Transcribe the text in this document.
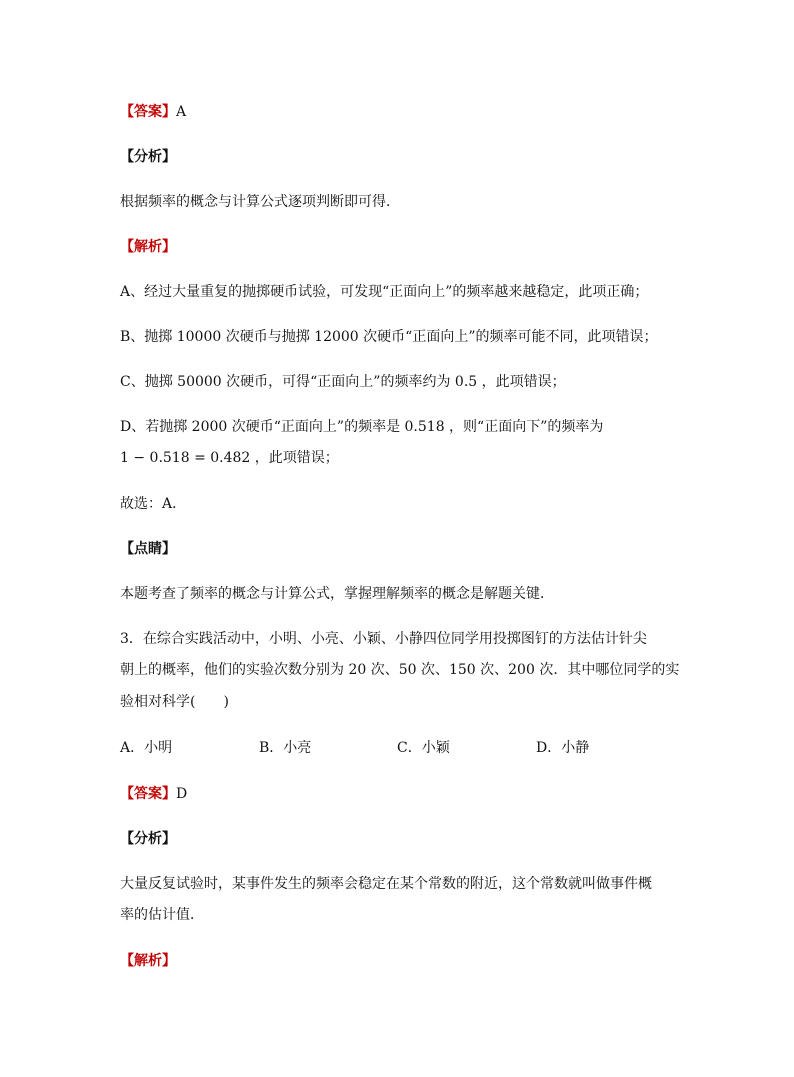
【答案】A
【分析】
根据频率的概念与计算公式逐项判断即可得．
【解析】
A、经过大量重复的抛掷硬币试验，可发现“正面向上”的频率越来越稳定，此项正确；
B、抛掷 10000 次硬币与抛掷 12000 次硬币“正面向上”的频率可能不同，此项错误；
C、抛掷 50000 次硬币，可得“正面向上”的频率约为 0.5 ，此项错误；
D、若抛掷 2000 次硬币“正面向上”的频率是 0.518 ，则“正面向下”的频率为
1 − 0.518 = 0.482 ，此项错误；
故选：A．
【点睛】
本题考查了频率的概念与计算公式，掌握理解频率的概念是解题关键．
3．在综合实践活动中，小明、小亮、小颖、小静四位同学用投掷图钉的方法估计针尖
朝上的概率，他们的实验次数分别为 20 次、50 次、150 次、200 次．其中哪位同学的实
验相对科学(　　)
A．小明	B．小亮	C．小颖	D．小静
【答案】D
【分析】
大量反复试验时，某事件发生的频率会稳定在某个常数的附近，这个常数就叫做事件概
率的估计值．
【解析】
